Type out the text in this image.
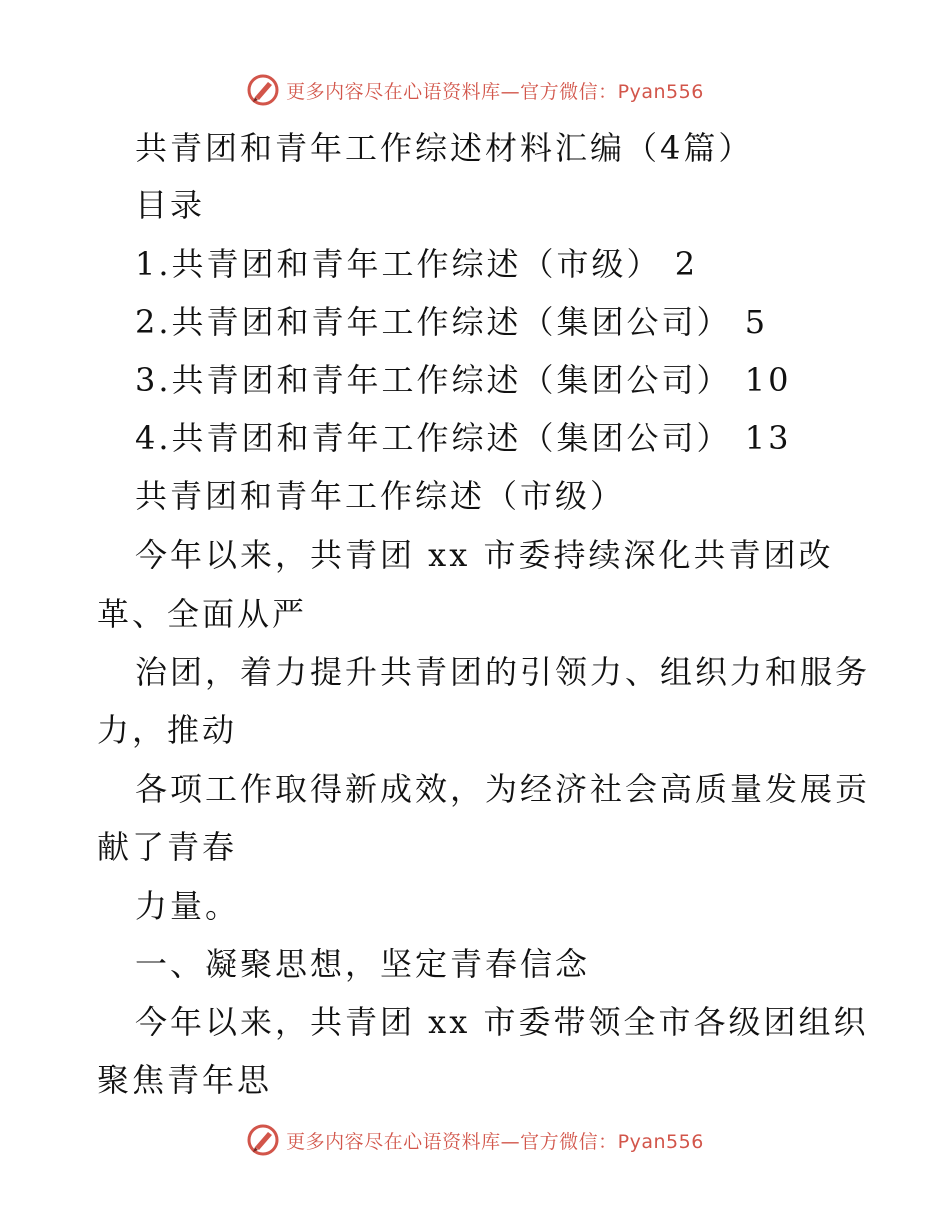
更多内容尽在心语资料库—官方微信：Pyan556
共青团和青年工作综述材料汇编（4篇）
目录
1.共青团和青年工作综述（市级） 2
2.共青团和青年工作综述（集团公司） 5
3.共青团和青年工作综述（集团公司） 10
4.共青团和青年工作综述（集团公司） 13
共青团和青年工作综述（市级）
今年以来，共青团 xx 市委持续深化共青团改
革、全面从严
治团，着力提升共青团的引领力、组织力和服务
力，推动
各项工作取得新成效，为经济社会高质量发展贡
献了青春
力量。
一、凝聚思想，坚定青春信念
今年以来，共青团 xx 市委带领全市各级团组织
聚焦青年思
更多内容尽在心语资料库—官方微信：Pyan556
